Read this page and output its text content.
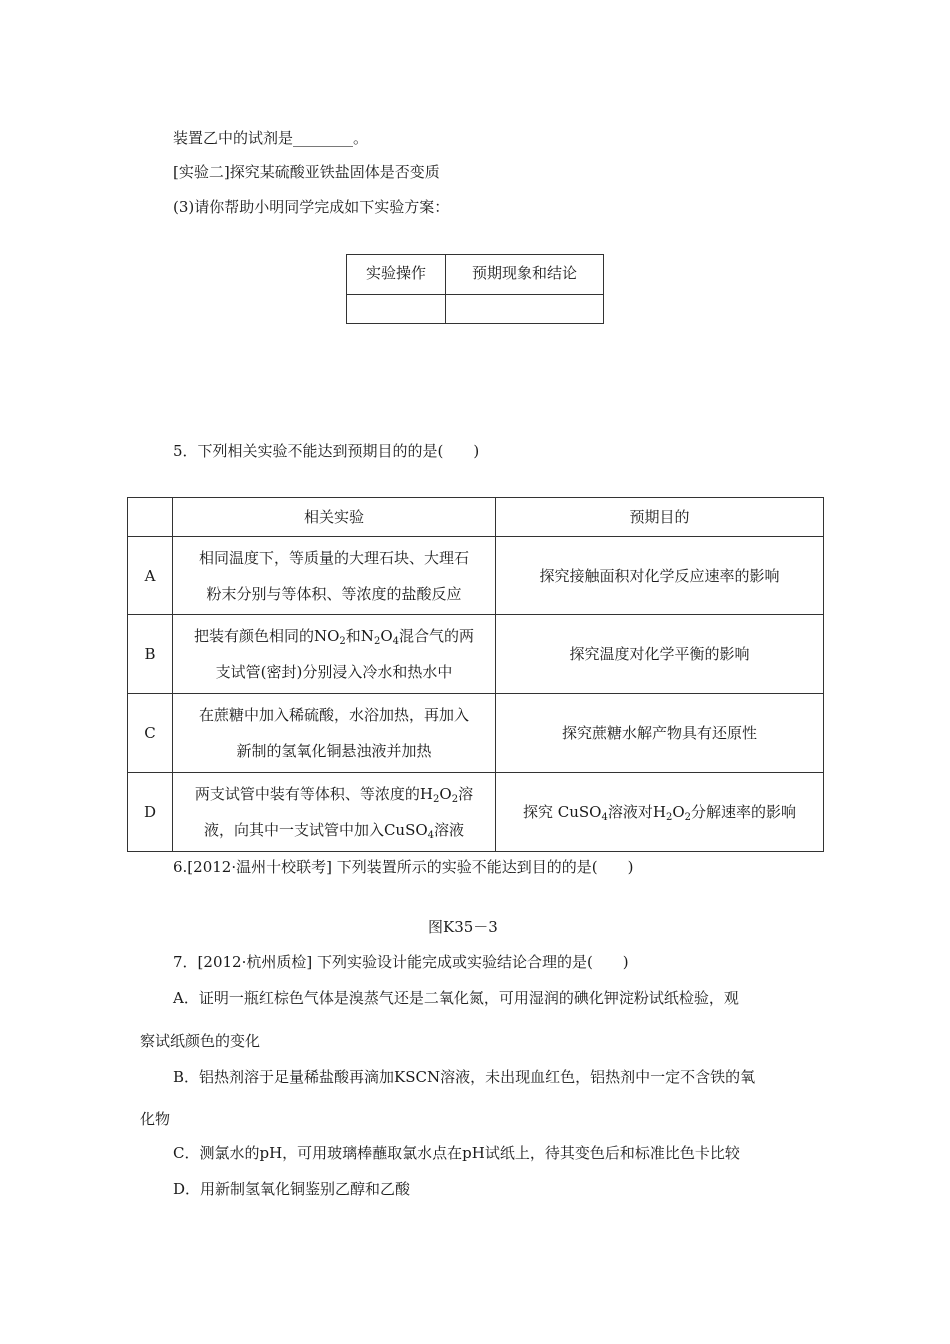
装置乙中的试剂是________。
[实验二]探究某硫酸亚铁盐固体是否变质
(3)请你帮助小明同学完成如下实验方案：
实验操作	预期现象和结论

5．下列相关实验不能达到预期目的的是(　　)
	相关实验	预期目的
A	相同温度下，等质量的大理石块、大理石
粉末分别与等体积、等浓度的盐酸反应	探究接触面积对化学反应速率的影响
B	把装有颜色相同的$NO_2$和$N_2O_4$混合气的两
支试管(密封)分别浸入冷水和热水中	探究温度对化学平衡的影响
C	在蔗糖中加入稀硫酸，水浴加热，再加入
新制的氢氧化铜悬浊液并加热	探究蔗糖水解产物具有还原性
D	两支试管中装有等体积、等浓度的$H_2O_2$溶
液，向其中一支试管中加入CuSO$_4$溶液	探究 CuSO$_4$溶液对$H_2O_2$分解速率的影响
6.[2012·温州十校联考] 下列装置所示的实验不能达到目的的是(　　)
图K35－3
7．[2012·杭州质检] 下列实验设计能完成或实验结论合理的是(　　)
A．证明一瓶红棕色气体是溴蒸气还是二氧化氮，可用湿润的碘化钾淀粉试纸检验，观
察试纸颜色的变化
B．铝热剂溶于足量稀盐酸再滴加KSCN溶液，未出现血红色，铝热剂中一定不含铁的氧
化物
C．测氯水的pH，可用玻璃棒蘸取氯水点在pH试纸上，待其变色后和标准比色卡比较
D．用新制氢氧化铜鉴别乙醇和乙酸
